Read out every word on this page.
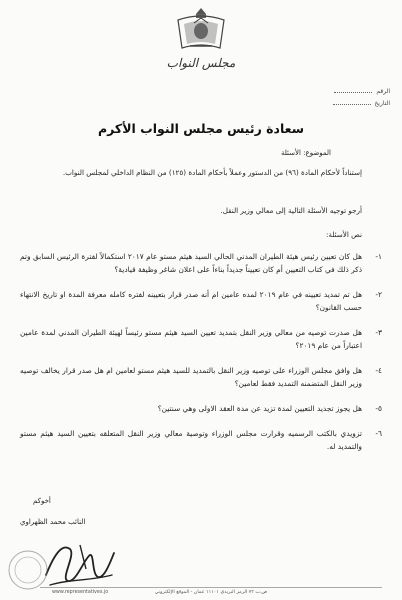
مجلس النواب
الرقم
التاريخ
سعادة رئيس مجلس النواب الأكرم
الموضوع: الأسئلة
إستناداً لأحكام المادة (٩٦) من الدستور وعملاً بأحكام المادة (١٢٥) من النظام الداخلي لمجلس النواب.
أرجو توجيه الأسئلة التالية إلى معالي وزير النقل.
نص الأسئلة:
١-
هل كان تعيين رئيس هيئة الطيران المدني الحالي السيد هيثم مستو عام ٢٠١٧ استكمالاً لفترة الرئيس السابق وتم ذكر ذلك في كتاب التعيين أم كان تعييناً جديداً بناءاً على اعلان شاغر وظيفة قيادية؟
٢-
هل تم تمديد تعيينه في عام ٢٠١٩ لمده عامين ام أنه صدر قرار بتعيينه لفتره كامله معرفة المدة او تاريخ الانتهاء حسب القانون؟
٣-
هل صدرت توصيه من معالي وزير النقل بتمديد تعيين السيد هيثم مستو رئيساً لهيئة الطيران المدني لمدة عامين اعتباراً من عام ٢٠١٩؟
٤-
هل وافق مجلس الوزراء على توصيه وزير النقل بالتمديد للسيد هيثم مستو لعامين ام هل صدر قرار يخالف توصيه وزير النقل المتضمنه التمديد فقط لعامين؟
٥-
هل يجوز تجديد التعيين لمدة تزيد عن مدة العقد الاولى وهي سنتين؟
٦-
تزويدي بالكتب الرسميه وقرارت مجلس الوزراء وتوصية معالي وزير النقل المتعلقه بتعيين السيد هيثم مستو والتمديد له.
أخوكم
النائب محمد الظهراوي
ص.ب ٧٢ الرمز البريدي ١١١٠١ عمان - الموقع الإلكتروني
www.representatives.jo
